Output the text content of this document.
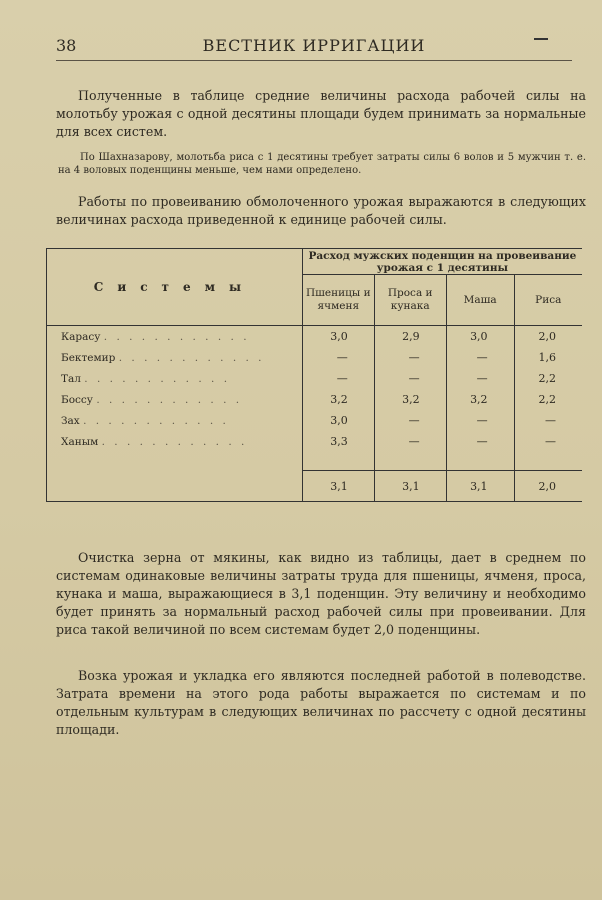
38	ВЕСТНИК ИРРИГАЦИИ

Полученные в таблице средние величины расхода рабочей силы на молотьбу урожая с одной десятины площади будем принимать за нормальные для всех систем.

По Шахназарову, молотьба риса с 1 десятины требует затраты силы 6 волов и 5 мужчин т. е. на 4 воловых поденщины меньше, чем нами определено.

Работы по провеиванию обмолоченного урожая выражаются в следующих величинах расхода приведенной к единице рабочей силы.

Системы	Расход мужских поденщин на провеивание урожая с 1 десятины			
	Пшеницы и ячменя	Проса и кунака	Маша	Риса
Карасу . . . . . . . . . . . .	3,0	2,9	3,0	2,0
Бектемир . . . . . . . . . . . .	—	—	—	1,6
Тал . . . . . . . . . . . .	—	—	—	2,2
Боссу . . . . . . . . . . . .	3,2	3,2	3,2	2,2
Зах . . . . . . . . . . . .	3,0	—	—	—
Ханым . . . . . . . . . . . .	3,3	—	—	—

	3,1	3,1	3,1	2,0

Очистка зерна от мякины, как видно из таблицы, дает в среднем по системам одинаковые величины затраты труда для пшеницы, ячменя, проса, кунака и маша, выражающиеся в 3,1 поденщин. Эту величину и необходимо будет принять за нормальный расход рабочей силы при провеивании. Для риса такой величиной по всем системам будет 2,0 поденщины.

Возка урожая и укладка его являются последней работой в полеводстве. Затрата времени на этого рода работы выражается по системам и по отдельным культурам в следующих величинах по рассчету с одной десятины площади.
